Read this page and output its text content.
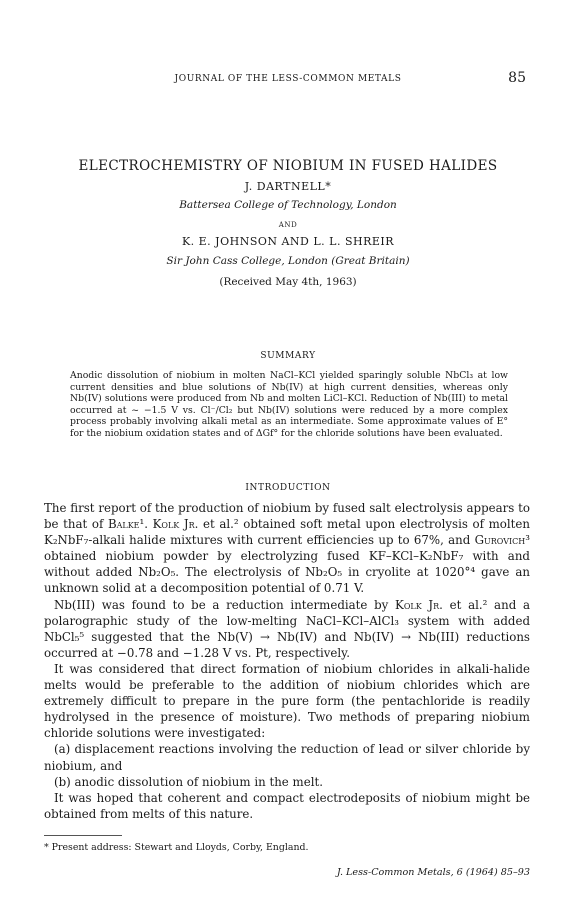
JOURNAL OF THE LESS-COMMON METALS	85
ELECTROCHEMISTRY OF NIOBIUM IN FUSED HALIDES
J. DARTNELL*
Battersea College of Technology, London
AND
K. E. JOHNSON AND L. L. SHREIR
Sir John Cass College, London (Great Britain)
(Received May 4th, 1963)
SUMMARY
Anodic dissolution of niobium in molten NaCl–KCl yielded sparingly soluble NbCl₃ at low current densities and blue solutions of Nb(IV) at high current densities, whereas only Nb(IV) solutions were produced from Nb and molten LiCl–KCl. Reduction of Nb(III) to metal occurred at ~ −1.5 V vs. Cl⁻/Cl₂ but Nb(IV) solutions were reduced by a more complex process probably involving alkali metal as an intermediate. Some approximate values of E° for the niobium oxidation states and of ΔGf° for the chloride solutions have been evaluated.
INTRODUCTION

The first report of the production of niobium by fused salt electrolysis appears to be that of Balke¹. Kolk Jr. et al.² obtained soft metal upon electrolysis of molten K₂NbF₇-alkali halide mixtures with current efficiencies up to 67%, and Gurovich³ obtained niobium powder by electrolyzing fused KF–KCl–K₂NbF₇ with and without added Nb₂O₅. The electrolysis of Nb₂O₅ in cryolite at 1020°⁴ gave an unknown solid at a decomposition potential of 0.71 V.

Nb(III) was found to be a reduction intermediate by Kolk Jr. et al.² and a polarographic study of the low-melting NaCl–KCl–AlCl₃ system with added NbCl₅⁵ suggested that the Nb(V) → Nb(IV) and Nb(IV) → Nb(III) reductions occurred at −0.78 and −1.28 V vs. Pt, respectively.

It was considered that direct formation of niobium chlorides in alkali-halide melts would be preferable to the addition of niobium chlorides which are extremely difficult to prepare in the pure form (the pentachloride is readily hydrolysed in the presence of moisture). Two methods of preparing niobium chloride solutions were investigated:

(a) displacement reactions involving the reduction of lead or silver chloride by niobium, and

(b) anodic dissolution of niobium in the melt.

It was hoped that coherent and compact electrodeposits of niobium might be obtained from melts of this nature.

* Present address: Stewart and Lloyds, Corby, England.
J. Less-Common Metals, 6 (1964) 85–93
